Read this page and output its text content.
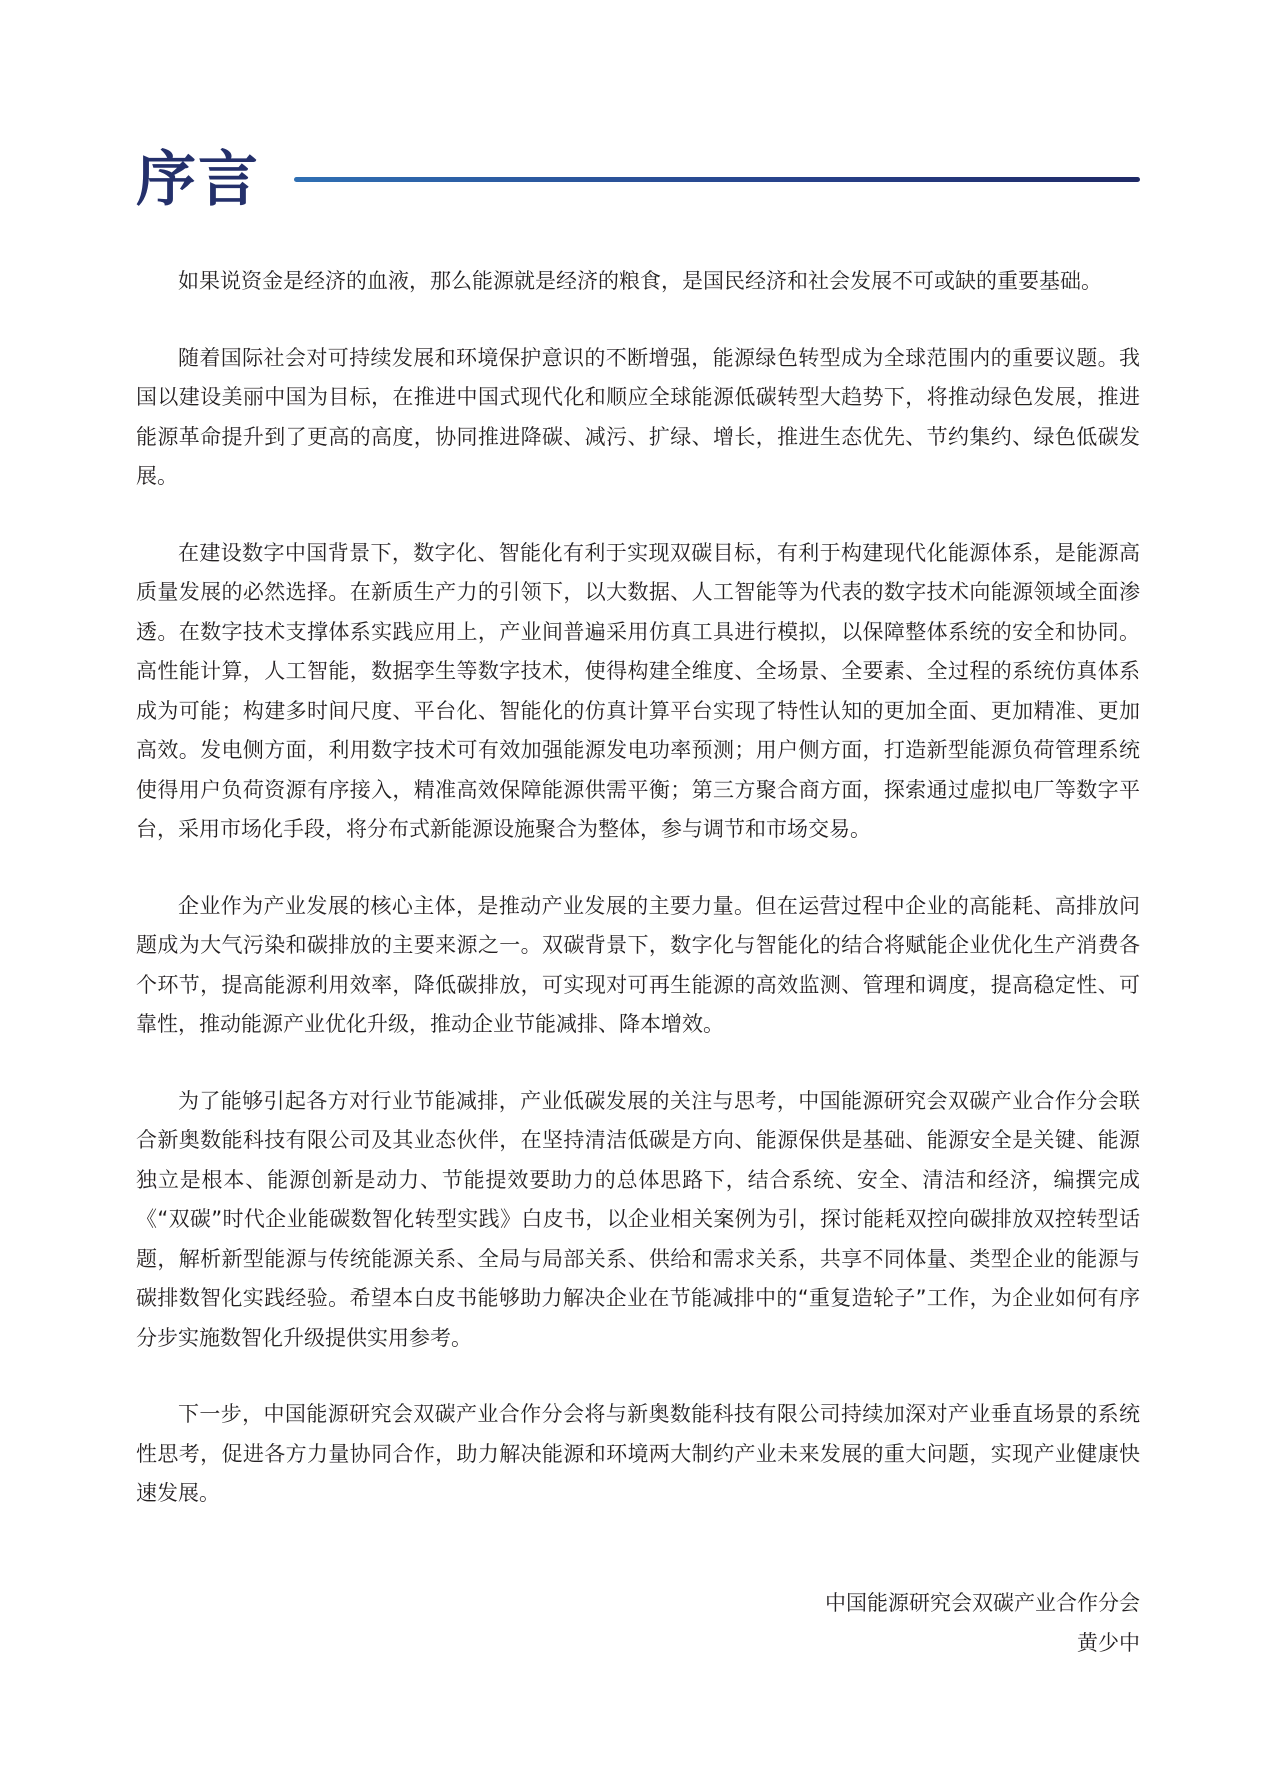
序言

如果说资金是经济的血液，那么能源就是经济的粮食，是国民经济和社会发展不可或缺的重要基础。

随着国际社会对可持续发展和环境保护意识的不断增强，能源绿色转型成为全球范围内的重要议题。我国以建设美丽中国为目标，在推进中国式现代化和顺应全球能源低碳转型大趋势下，将推动绿色发展，推进能源革命提升到了更高的高度，协同推进降碳、减污、扩绿、增长，推进生态优先、节约集约、绿色低碳发展。

在建设数字中国背景下，数字化、智能化有利于实现双碳目标，有利于构建现代化能源体系，是能源高质量发展的必然选择。在新质生产力的引领下，以大数据、人工智能等为代表的数字技术向能源领域全面渗透。在数字技术支撑体系实践应用上，产业间普遍采用仿真工具进行模拟，以保障整体系统的安全和协同。高性能计算，人工智能，数据孪生等数字技术，使得构建全维度、全场景、全要素、全过程的系统仿真体系成为可能；构建多时间尺度、平台化、智能化的仿真计算平台实现了特性认知的更加全面、更加精准、更加高效。发电侧方面，利用数字技术可有效加强能源发电功率预测；用户侧方面，打造新型能源负荷管理系统使得用户负荷资源有序接入，精准高效保障能源供需平衡；第三方聚合商方面，探索通过虚拟电厂等数字平台，采用市场化手段，将分布式新能源设施聚合为整体，参与调节和市场交易。

企业作为产业发展的核心主体，是推动产业发展的主要力量。但在运营过程中企业的高能耗、高排放问题成为大气污染和碳排放的主要来源之一。双碳背景下，数字化与智能化的结合将赋能企业优化生产消费各个环节，提高能源利用效率，降低碳排放，可实现对可再生能源的高效监测、管理和调度，提高稳定性、可靠性，推动能源产业优化升级，推动企业节能减排、降本增效。

为了能够引起各方对行业节能减排，产业低碳发展的关注与思考，中国能源研究会双碳产业合作分会联合新奥数能科技有限公司及其业态伙伴，在坚持清洁低碳是方向、能源保供是基础、能源安全是关键、能源独立是根本、能源创新是动力、节能提效要助力的总体思路下，结合系统、安全、清洁和经济，编撰完成《“双碳”时代企业能碳数智化转型实践》白皮书，以企业相关案例为引，探讨能耗双控向碳排放双控转型话题，解析新型能源与传统能源关系、全局与局部关系、供给和需求关系，共享不同体量、类型企业的能源与碳排数智化实践经验。希望本白皮书能够助力解决企业在节能减排中的“重复造轮子”工作，为企业如何有序分步实施数智化升级提供实用参考。

下一步，中国能源研究会双碳产业合作分会将与新奥数能科技有限公司持续加深对产业垂直场景的系统性思考，促进各方力量协同合作，助力解决能源和环境两大制约产业未来发展的重大问题，实现产业健康快速发展。

中国能源研究会双碳产业合作分会
黄少中
